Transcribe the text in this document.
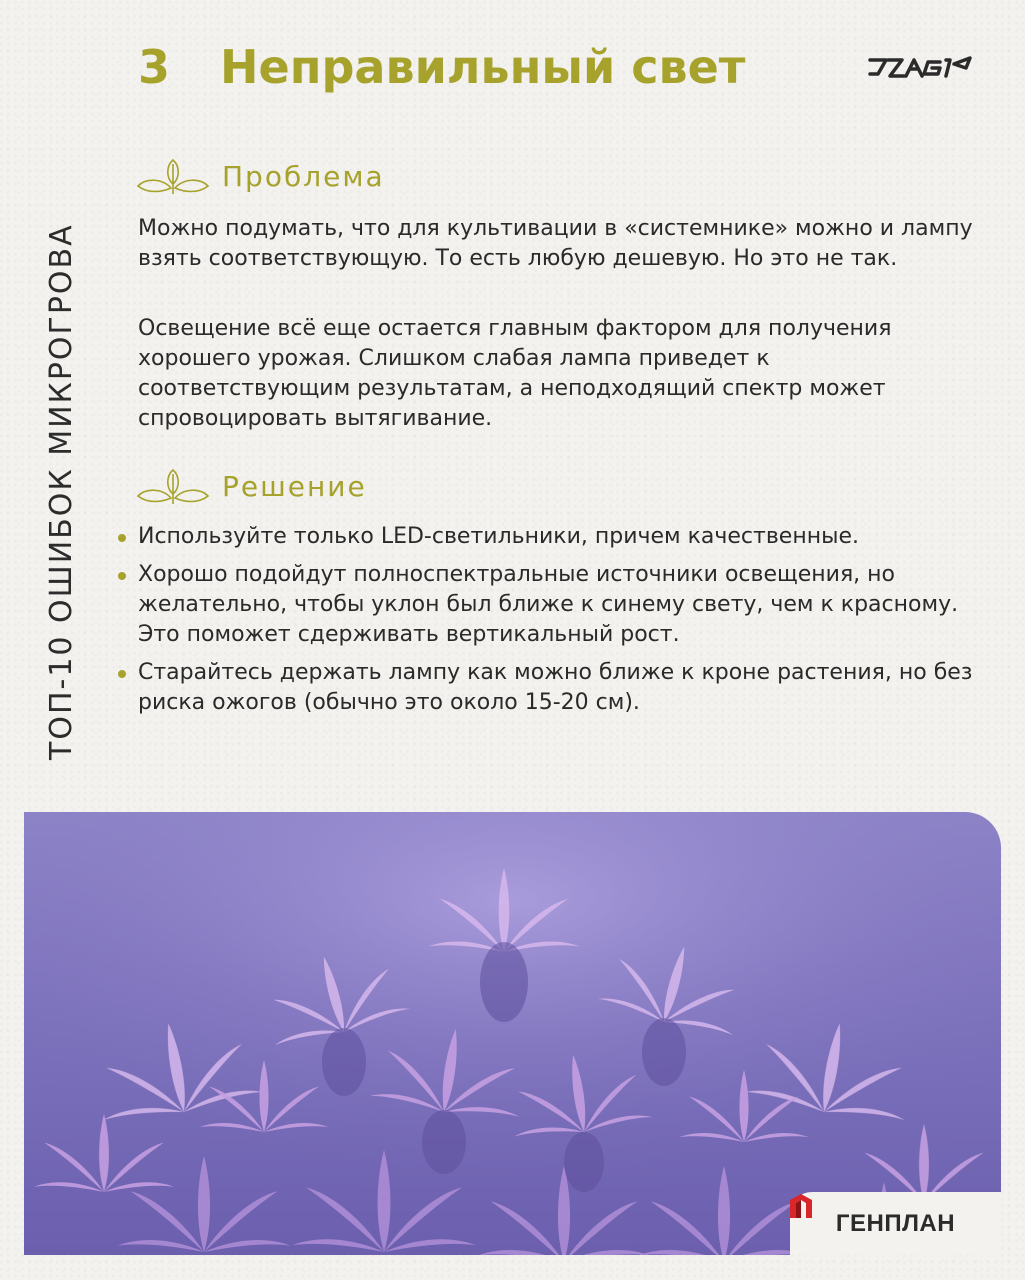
ТОП-10 ОШИБОК МИКРОГРОВА
3 Неправильный свет
Проблема
Можно подумать, что для культивации в «системнике» можно и лампу взять соответствующую. То есть любую дешевую. Но это не так.
Освещение всё еще остается главным фактором для получения хорошего урожая. Слишком слабая лампа приведет к соответствующим результатам, а неподходящий спектр может спровоцировать вытягивание.
Решение
Используйте только LED-светильники, причем качественные.
Хорошо подойдут полноспектральные источники освещения, но желательно, чтобы уклон был ближе к синему свету, чем к красному. Это поможет сдерживать вертикальный рост.
Старайтесь держать лампу как можно ближе к кроне растения, но без риска ожогов (обычно это около 15-20 см).
ГЕНПЛАН
